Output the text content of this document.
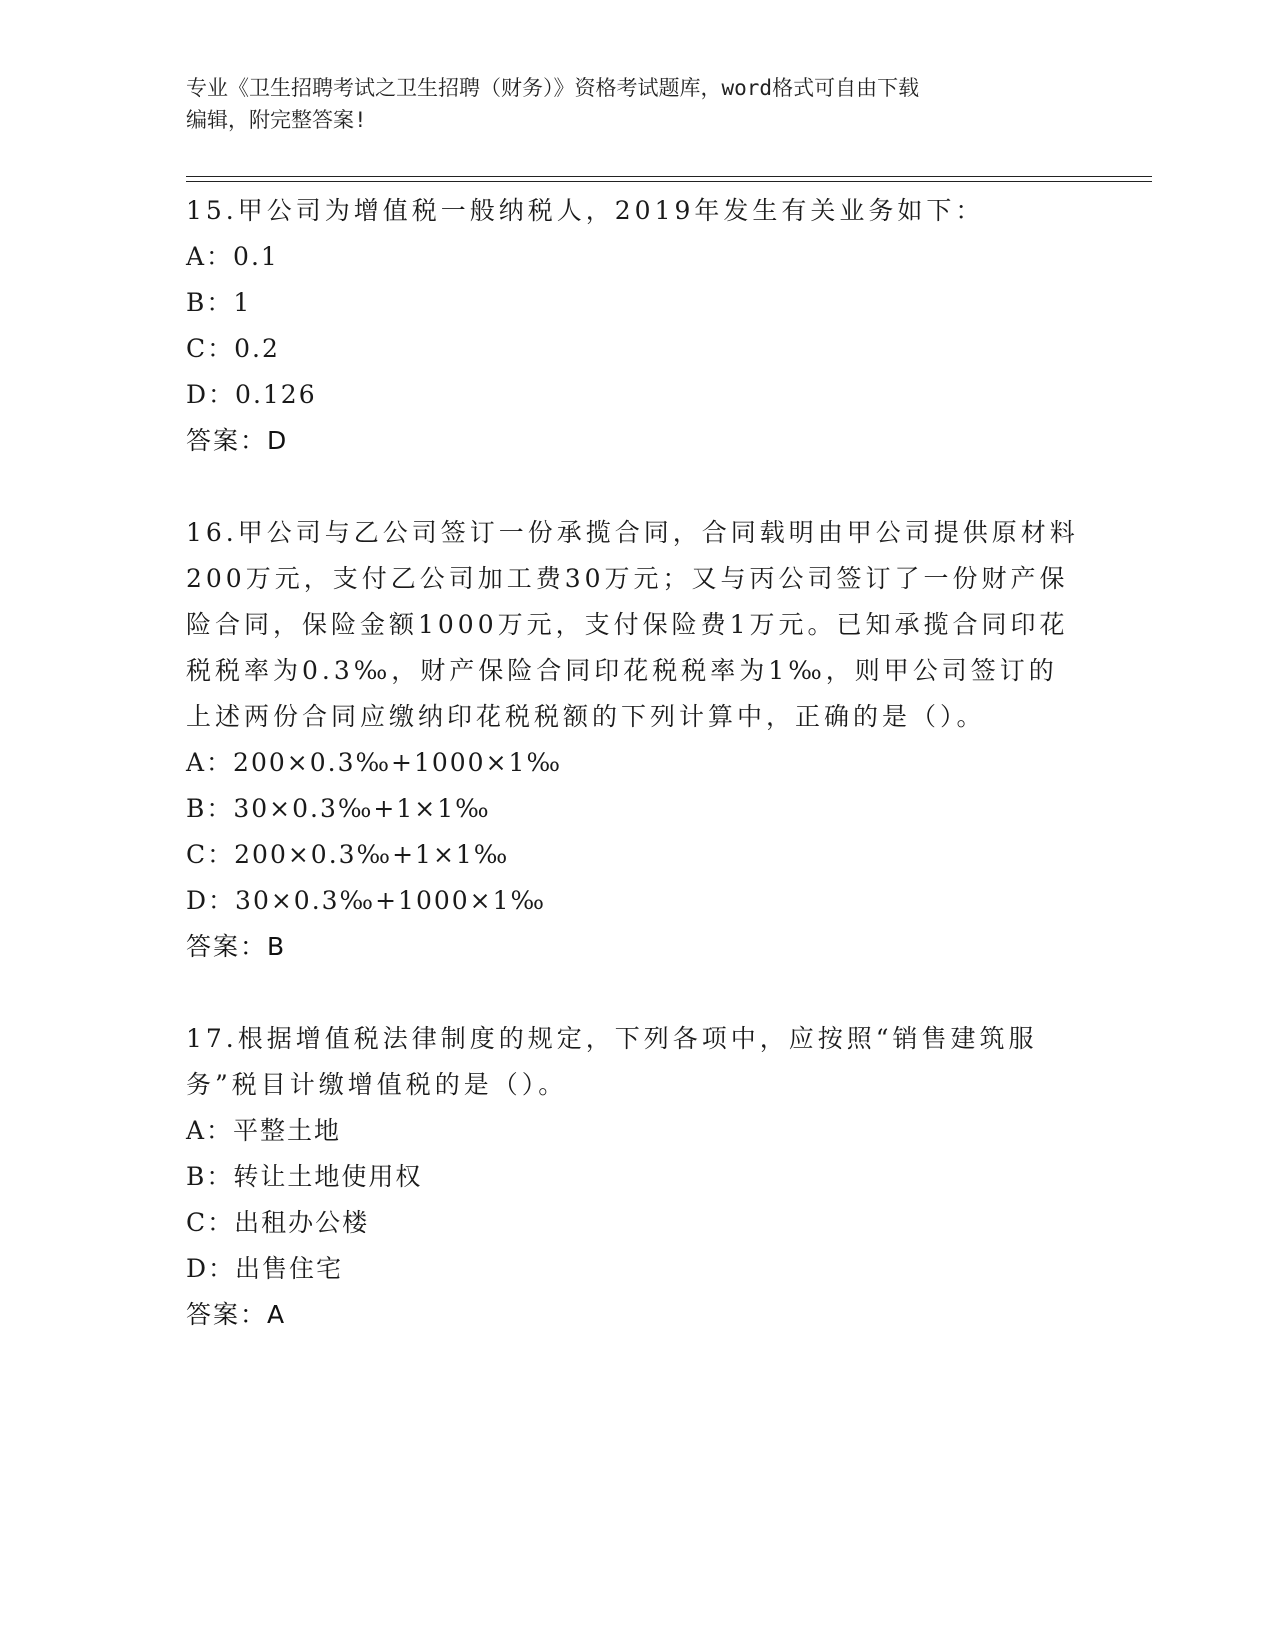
专业《卫生招聘考试之卫生招聘（财务）》资格考试题库，word格式可自由下载
编辑，附完整答案!

15.甲公司为增值税一般纳税人，2019年发生有关业务如下：

A：0.1

B：1

C：0.2

D：0.126

答案：D

16.甲公司与乙公司签订一份承揽合同，合同载明由甲公司提供原材料200万元，支付乙公司加工费30万元；又与丙公司签订了一份财产保险合同，保险金额1000万元，支付保险费1万元。已知承揽合同印花税税率为0.3‰，财产保险合同印花税税率为1‰，则甲公司签订的上述两份合同应缴纳印花税税额的下列计算中，正确的是（）。

A：200×0.3‰+1000×1‰

B：30×0.3‰+1×1‰

C：200×0.3‰+1×1‰

D：30×0.3‰+1000×1‰

答案：B

17.根据增值税法律制度的规定，下列各项中，应按照“销售建筑服务”税目计缴增值税的是（）。

A：平整土地

B：转让土地使用权

C：出租办公楼

D：出售住宅

答案：A
